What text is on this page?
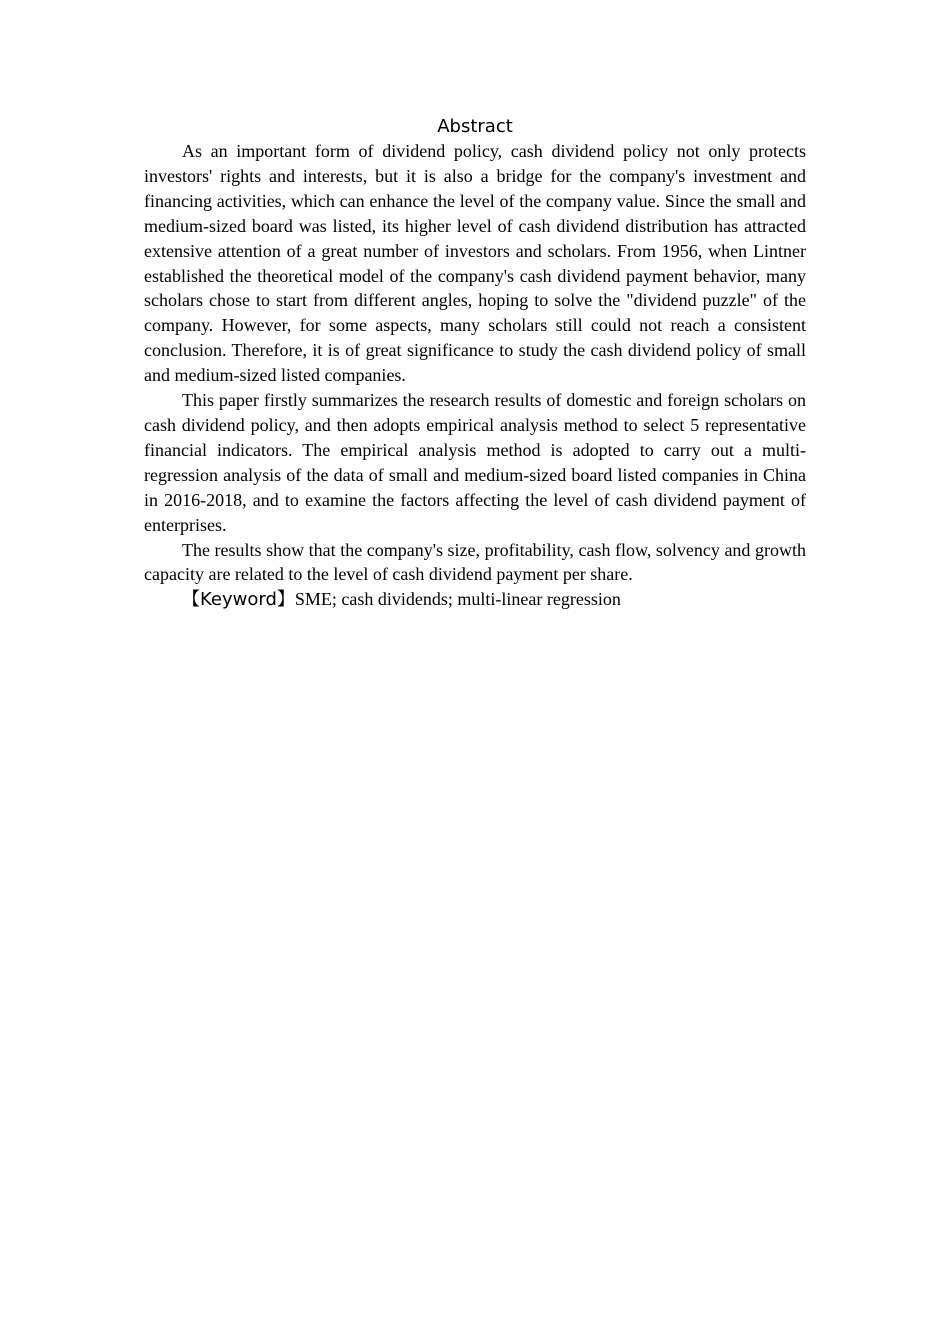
Abstract

As an important form of dividend policy, cash dividend policy not only protects investors' rights and interests, but it is also a bridge for the company's investment and financing activities, which can enhance the level of the company value. Since the small and medium-sized board was listed, its higher level of cash dividend distribution has attracted extensive attention of a great number of investors and scholars. From 1956, when Lintner established the theoretical model of the company's cash dividend payment behavior, many scholars chose to start from different angles, hoping to solve the "dividend puzzle" of the company. However, for some aspects, many scholars still could not reach a consistent conclusion. Therefore, it is of great significance to study the cash dividend policy of small and medium-sized listed companies.

This paper firstly summarizes the research results of domestic and foreign scholars on cash dividend policy, and then adopts empirical analysis method to select 5 representative financial indicators. The empirical analysis method is adopted to carry out a multi-regression analysis of the data of small and medium-sized board listed companies in China in 2016-2018, and to examine the factors affecting the level of cash dividend payment of enterprises.

The results show that the company's size, profitability, cash flow, solvency and growth capacity are related to the level of cash dividend payment per share.

【Keyword】SME; cash dividends; multi-linear regression
